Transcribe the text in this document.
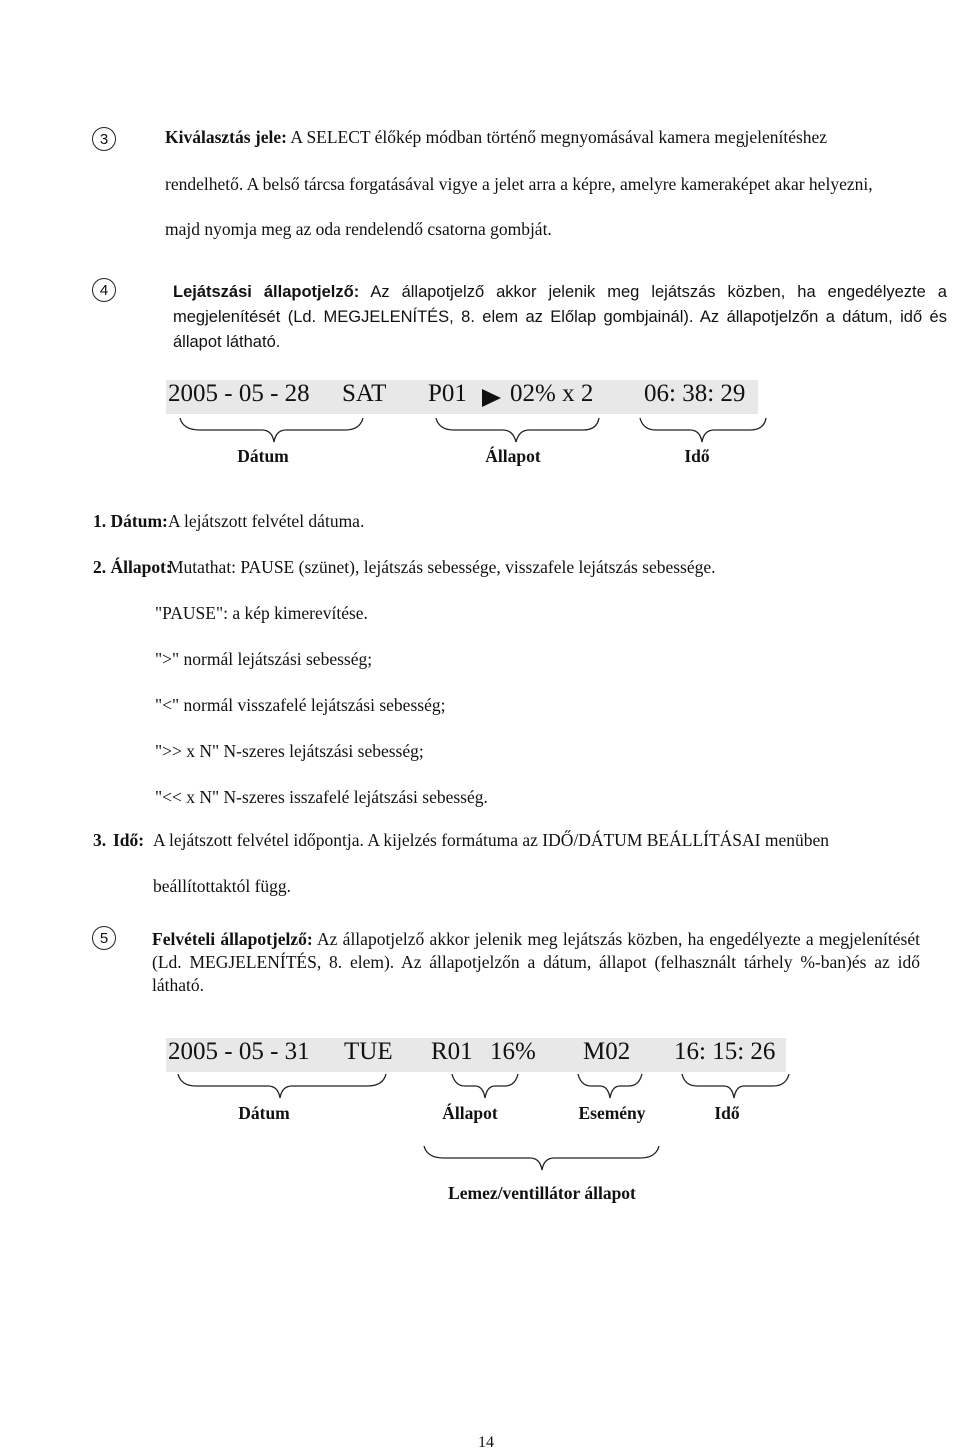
3	Kiválasztás jele: A SELECT élőkép módban történő megnyomásával kamera megjelenítéshez
rendelhető. A belső tárcsa forgatásával vigye a jelet arra a képre, amelyre kameraképet akar helyezni,
majd nyomja meg az oda rendelendő csatorna gombját.
4	Lejátszási állapotjelző: Az állapotjelző akkor jelenik meg lejátszás közben, ha engedélyezte a megjelenítését (Ld. MEGJELENÍTÉS, 8. elem az Előlap gombjainál). Az állapotjelzőn a dátum, idő és állapot látható.
2005 - 05 - 28 SAT P01 02% x 2 06: 38: 29
Dátum	Állapot	Idő
1. Dátum: A lejátszott felvétel dátuma.
2. Állapot:
Mutathat: PAUSE (szünet), lejátszás sebessége, visszafele lejátszás sebessége.
"PAUSE": a kép kimerevítése.
">" normál lejátszási sebesség;
"<" normál visszafelé lejátszási sebesség;
">> x N" N-szeres lejátszási sebesség;
"<< x N" N-szeres isszafelé lejátszási sebesség.
3. Idő: A lejátszott felvétel időpontja. A kijelzés formátuma az IDŐ/DÁTUM BEÁLLÍTÁSAI menüben
beállítottaktól függ.
5	Felvételi állapotjelző: Az állapotjelző akkor jelenik meg lejátszás közben, ha engedélyezte a megjelenítését (Ld. MEGJELENÍTÉS, 8. elem). Az állapotjelzőn a dátum, állapot (felhasznált tárhely %-ban)és az idő látható.
2005 - 05 - 31 TUE R01 16% M02 16: 15: 26
Dátum	Állapot	Esemény	Idő
Lemez/ventillátor állapot
14
